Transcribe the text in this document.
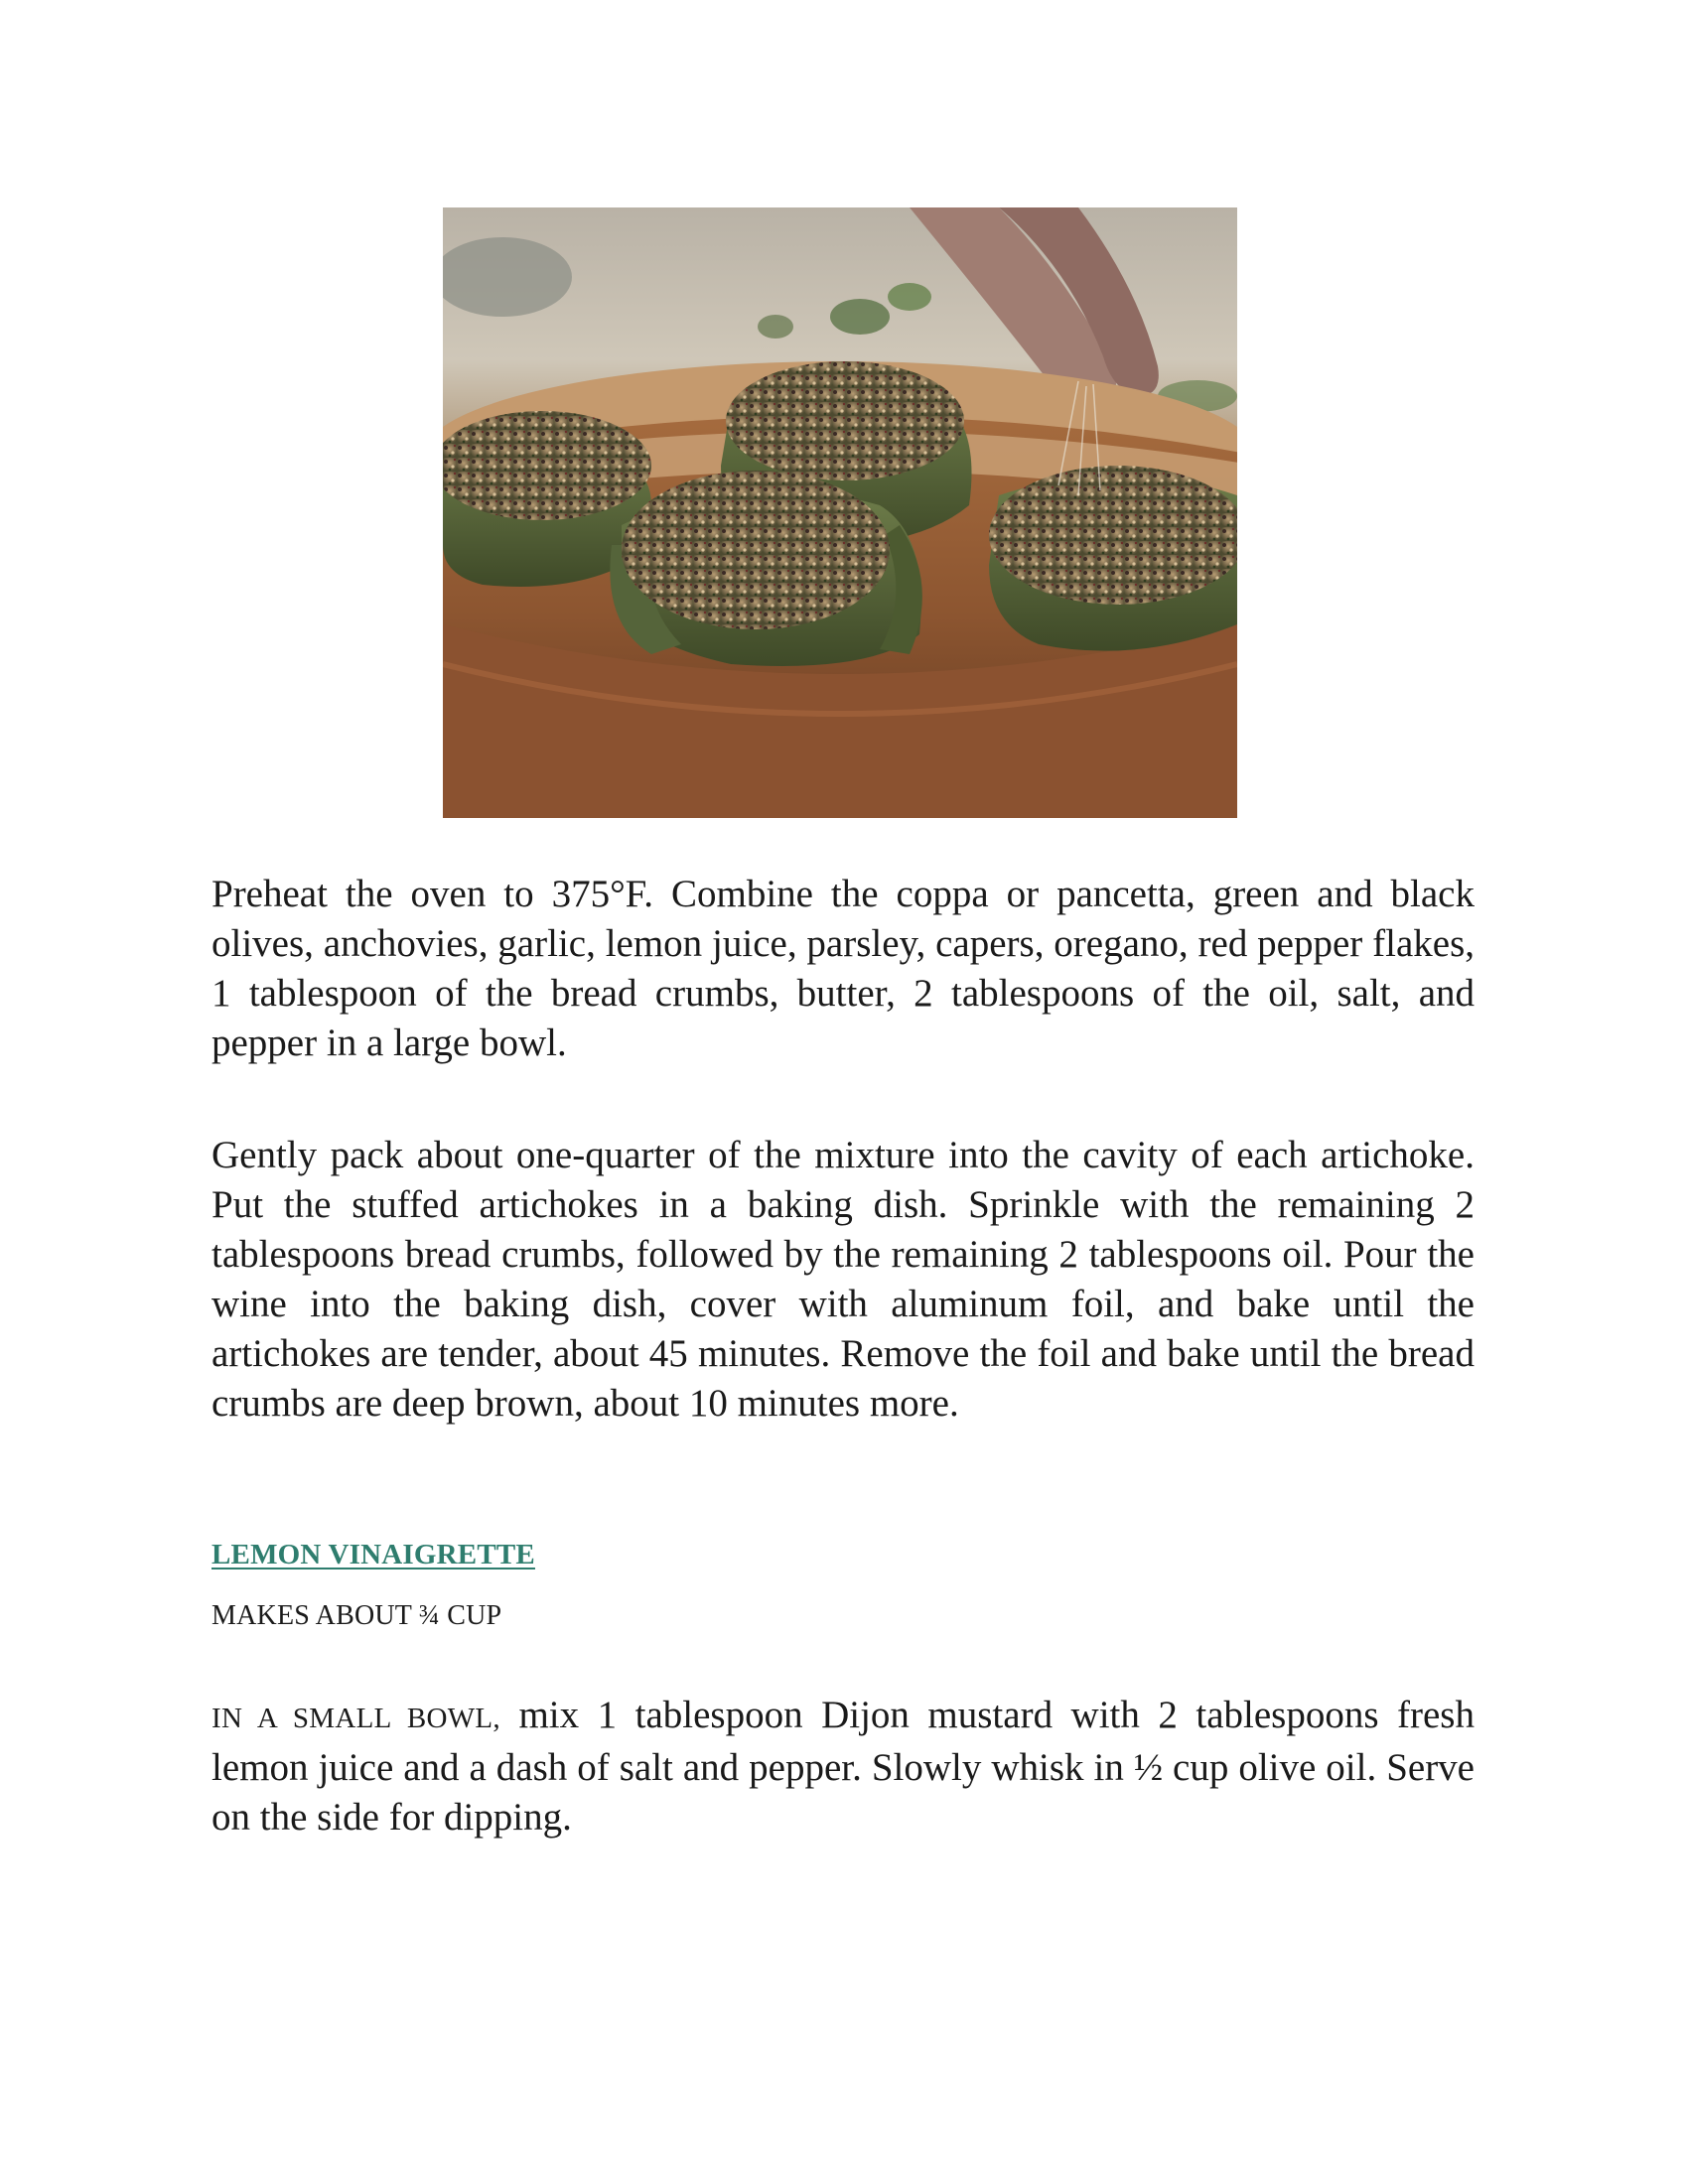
Preheat the oven to 375°F. Combine the coppa or pancetta, green and black olives, anchovies, garlic, lemon juice, parsley, capers, oregano, red pepper flakes, 1 tablespoon of the bread crumbs, butter, 2 tablespoons of the oil, salt, and pepper in a large bowl.

Gently pack about one-quarter of the mixture into the cavity of each artichoke. Put the stuffed artichokes in a baking dish. Sprinkle with the remaining 2 tablespoons bread crumbs, followed by the remaining 2 tablespoons oil. Pour the wine into the baking dish, cover with aluminum foil, and bake until the artichokes are tender, about 45 minutes. Remove the foil and bake until the bread crumbs are deep brown, about 10 minutes more.

LEMON VINAIGRETTE
MAKES ABOUT ¾ CUP

IN A SMALL BOWL, mix 1 tablespoon Dijon mustard with 2 tablespoons fresh lemon juice and a dash of salt and pepper. Slowly whisk in ½ cup olive oil. Serve on the side for dipping.
